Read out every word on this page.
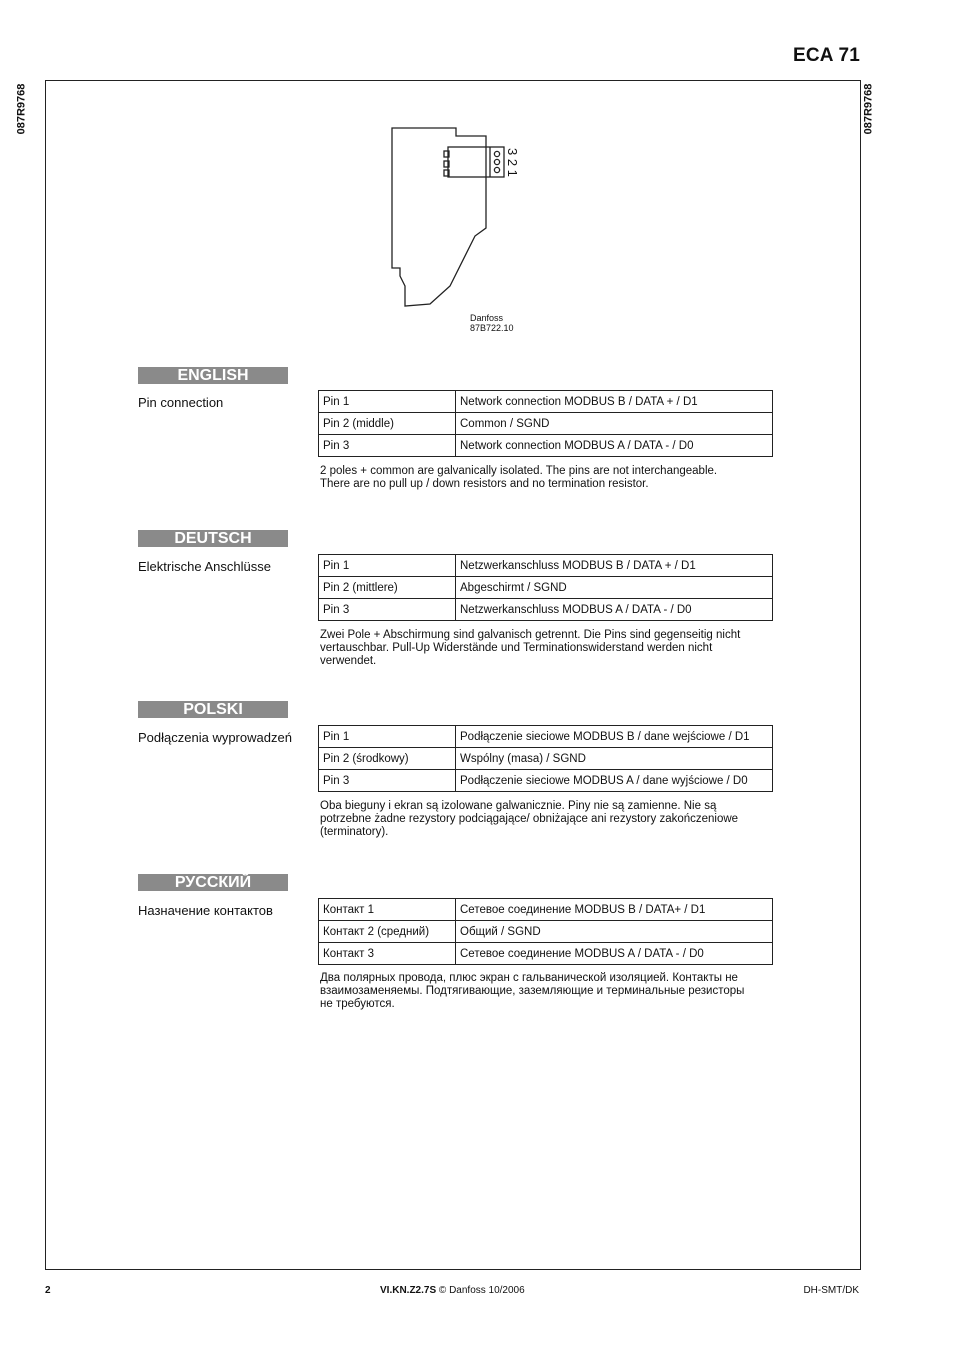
ECA 71
087R9768	087R9768
3 2 1
Danfoss
87B722.10
ENGLISH
Pin connection	Pin 1	Network connection MODBUS B / DATA + / D1
Pin 2 (middle)	Common / SGND
Pin 3	Network connection MODBUS A / DATA - / D0
2 poles + common are galvanically isolated. The pins are not interchangeable.
There are no pull up / down resistors and no termination resistor.
DEUTSCH
Elektrische Anschlüsse	Pin 1	Netzwerkanschluss MODBUS B / DATA + / D1
Pin 2 (mittlere)	Abgeschirmt / SGND
Pin 3	Netzwerkanschluss MODBUS A / DATA - / D0
Zwei Pole + Abschirmung sind galvanisch getrennt. Die Pins sind gegenseitig nicht
vertauschbar. Pull-Up Widerstände und Terminationswiderstand werden nicht
verwendet.
POLSKI
Podłączenia wyprowadzeń	Pin 1	Podłączenie sieciowe MODBUS B / dane wejściowe / D1
Pin 2 (środkowy)	Wspólny (masa) / SGND
Pin 3	Podłączenie sieciowe MODBUS A / dane wyjściowe / D0
Oba bieguny i ekran są izolowane galwanicznie. Piny nie są zamienne. Nie są
potrzebne żadne rezystory podciągające/ obniżające ani rezystory zakończeniowe
(terminatory).
РУССКИЙ
Назначение контактов	Контакт 1	Сетевое соединение MODBUS B / DATA+ / D1
Контакт 2 (средний)	Общий / SGND
Контакт 3	Сетевое соединение MODBUS A / DATA - / D0
Два полярных провода, плюс экран с гальванической изоляцией. Контакты не
взаимозаменяемы. Подтягивающие, заземляющие и терминальные резисторы
не требуются.
2	VI.KN.Z2.7S © Danfoss 10/2006	DH-SMT/DK
